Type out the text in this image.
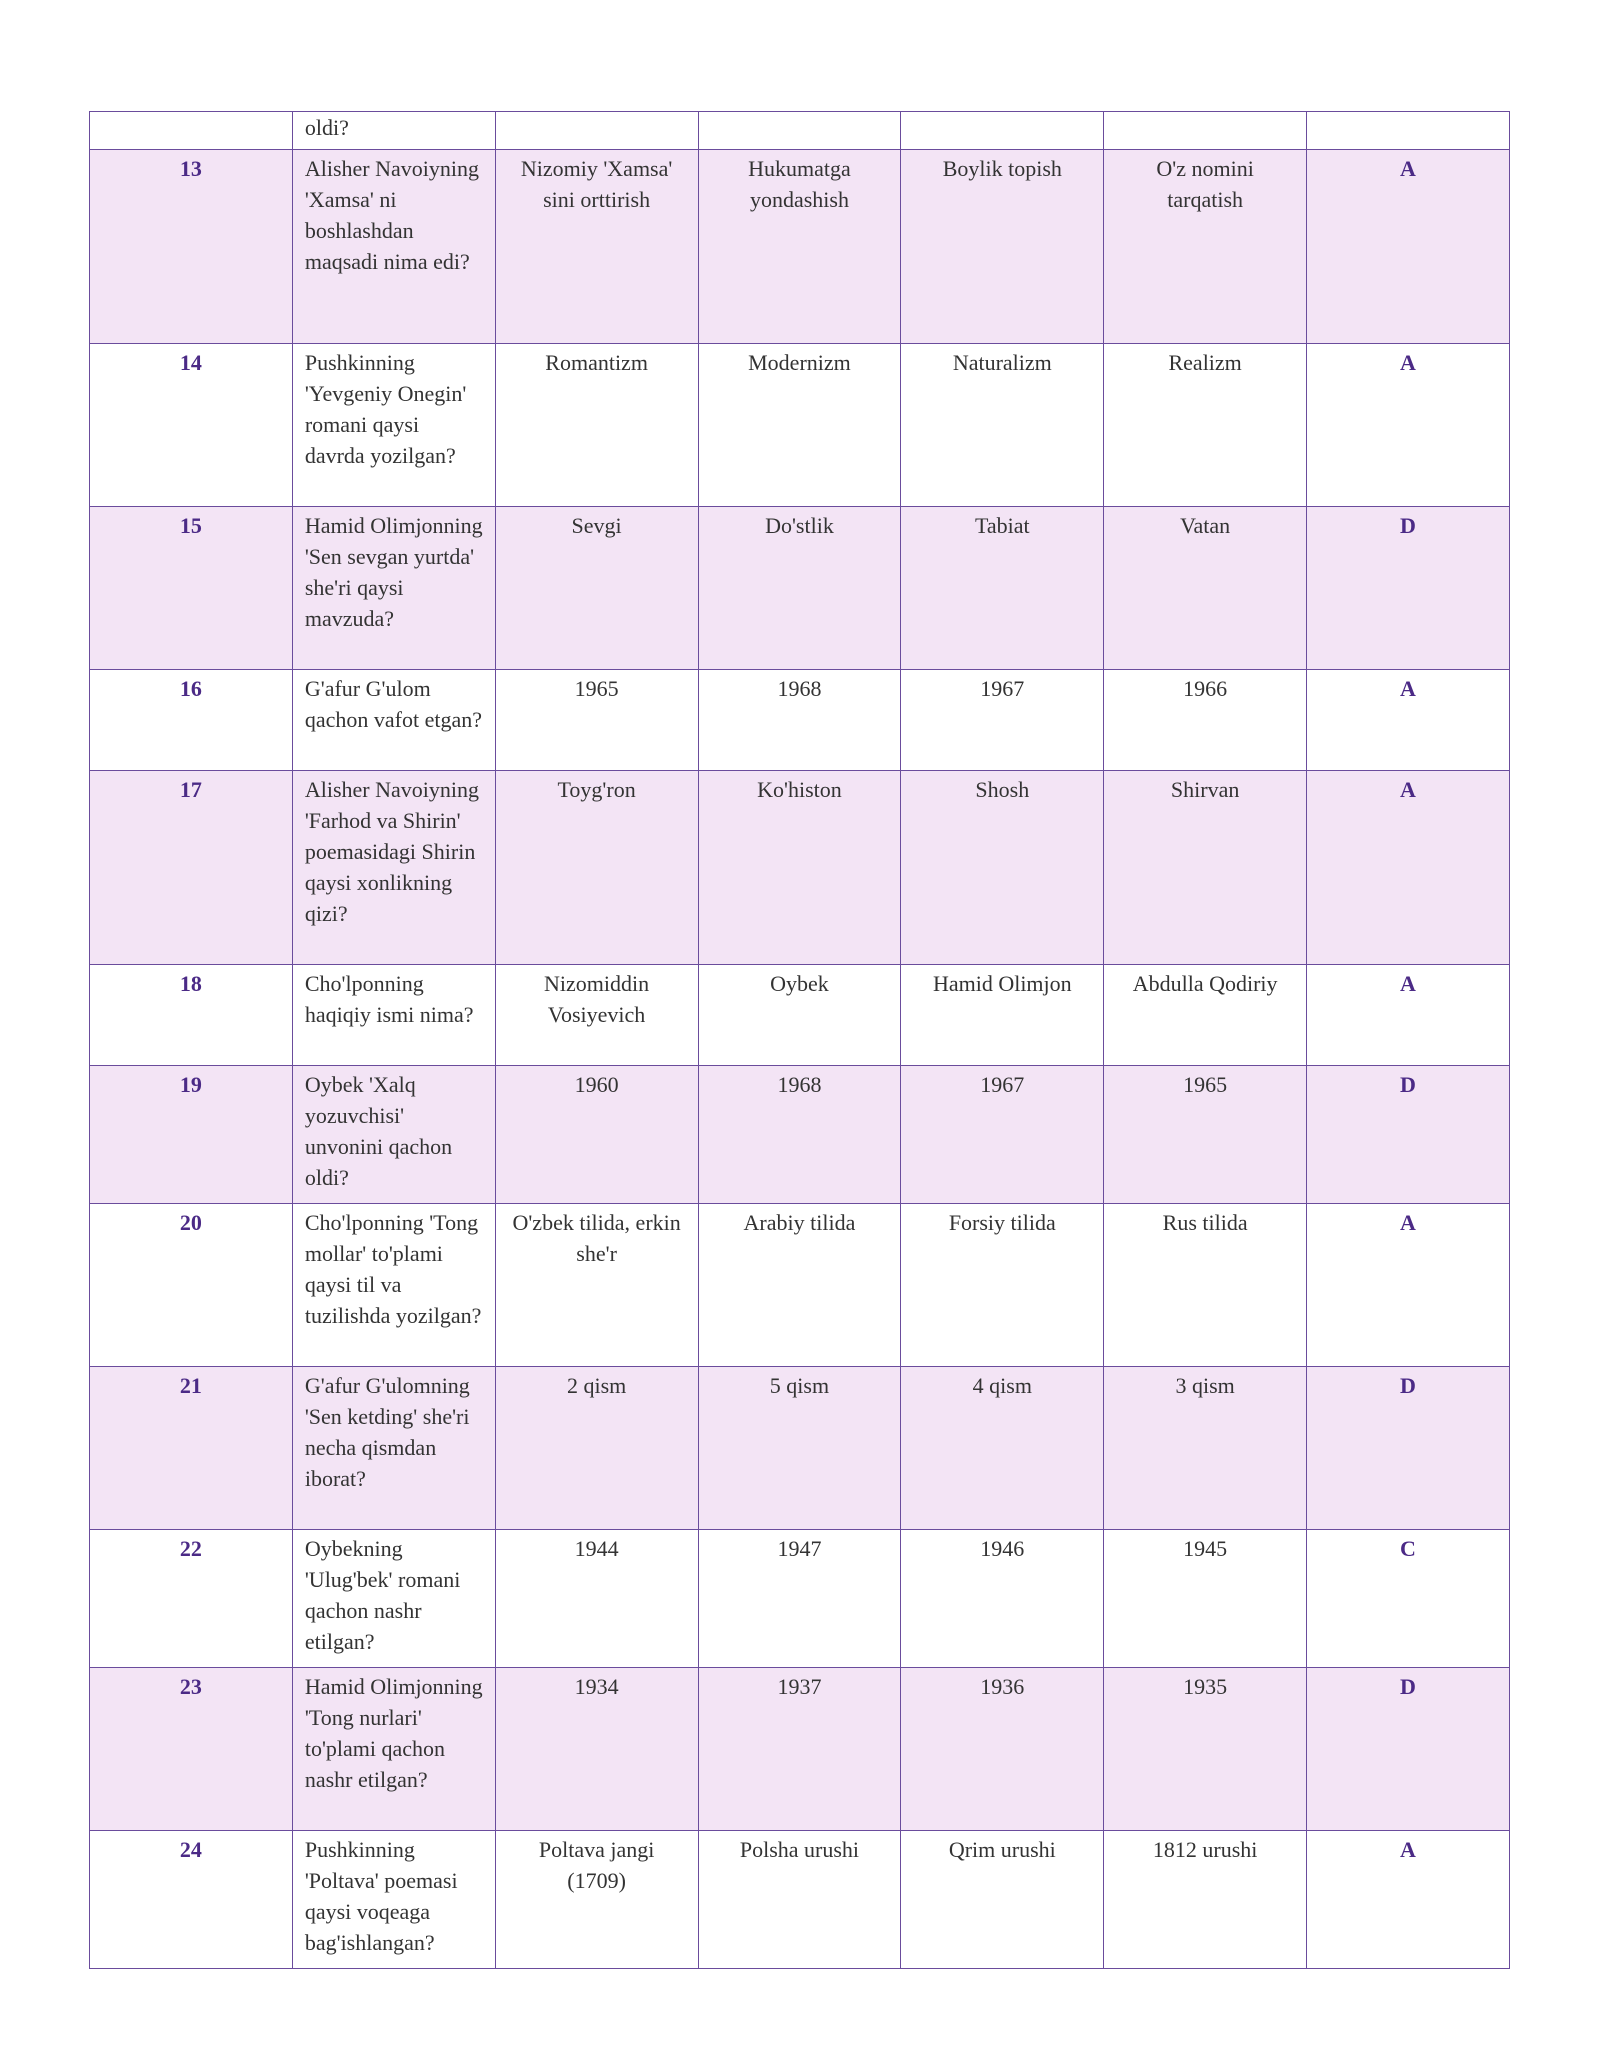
	oldi?					
13	Alisher Navoiyning 'Xamsa' ni boshlashdan maqsadi nima edi?	Nizomiy 'Xamsa' sini orttirish	Hukumatga yondashish	Boylik topish	O'z nomini tarqatish	A
14	Pushkinning 'Yevgeniy Onegin' romani qaysi davrda yozilgan?	Romantizm	Modernizm	Naturalizm	Realizm	A
15	Hamid Olimjonning 'Sen sevgan yurtda' she'ri qaysi mavzuda?	Sevgi	Do'stlik	Tabiat	Vatan	D
16	G'afur G'ulom qachon vafot etgan?	1965	1968	1967	1966	A
17	Alisher Navoiyning 'Farhod va Shirin' poemasidagi Shirin qaysi xonlikning qizi?	Toyg'ron	Ko'histon	Shosh	Shirvan	A
18	Cho'lponning haqiqiy ismi nima?	Nizomiddin Vosiyevich	Oybek	Hamid Olimjon	Abdulla Qodiriy	A
19	Oybek 'Xalq yozuvchisi' unvonini qachon oldi?	1960	1968	1967	1965	D
20	Cho'lponning 'Tong mollar' to'plami qaysi til va tuzilishda yozilgan?	O'zbek tilida, erkin she'r	Arabiy tilida	Forsiy tilida	Rus tilida	A
21	G'afur G'ulomning 'Sen ketding' she'ri necha qismdan iborat?	2 qism	5 qism	4 qism	3 qism	D
22	Oybekning 'Ulug'bek' romani qachon nashr etilgan?	1944	1947	1946	1945	C
23	Hamid Olimjonning 'Tong nurlari' to'plami qachon nashr etilgan?	1934	1937	1936	1935	D
24	Pushkinning 'Poltava' poemasi qaysi voqeaga bag'ishlangan?	Poltava jangi (1709)	Polsha urushi	Qrim urushi	1812 urushi	A
